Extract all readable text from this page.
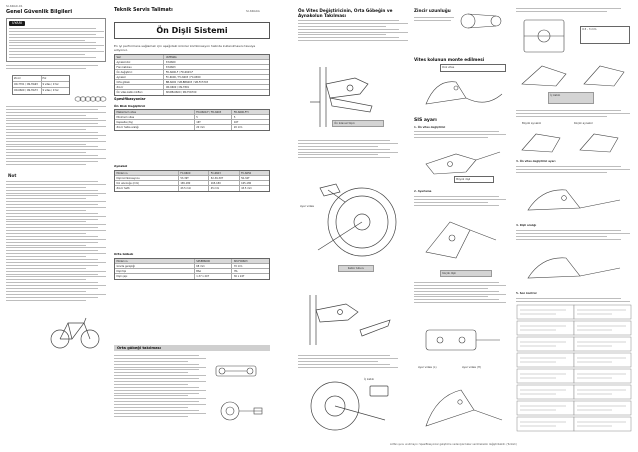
SI-6RA0-01
Genel Güvenlik Bilgileri
UYARI
Zincir	Hız
CN-7701 / CN-HG93	9 vites / 9 hız
CN-6600 / CN-HG73	9 vites / 9 hız
Not
Teknik Servis Talimatı	SI-6RA0A
Ön Dişli Sistemi
En iyi performans sağlamak için aşağıdaki ürünler kombinasyon halinde kullanılmasını tavsiye ediyoruz.
Seri	ULTEGRA
Aynakol-Kol	ST-6600
Fren kablosu	ST-6603
Ön değiştirici	FD-6600-F / FD-6603-F
Aynakol	FC-6600 / FC-6603 / FC-6650
Orta göbek	BB-6600 / SM-BB6603 / SM-FC5703
Zincir	CN-6600 / CN-7801
Ön vites kablo kılıfları	SM-BB-6600 / SM-FC6700
Spesifikasyonlar
Ön Disk Değiştirici
Maksimum vites	FD-6600-F / FD-6603	FD-6600-FTI
Minimum vites	5	5
Kapasite (diş)	16T	16T
Zincir halka aralığı	20 mm	20 mm
Aynakol
Model no.	FC-6600	FC-6603	FC-6650
Dişli kombinasyonu	53-39T	52-39-30T	50-34T
Kol uzunluğu (mm)	165-180	165-180	165-180
Zincir hattı	43.5 mm	45 mm	43.5 mm
Orta Göbek
Model no.	SM-BB6600	SM-FC6603
Gövde genişliği	68 mm	70 mm
Dişli tipi	BSA	ITA
Dişli çapı	1.37 x 24T	36 x 24T
Orta göbeği takılması
Ön Vites Değiştiricinin, Orta Göbeğin ve Aynakolun Takılması
Ön kılavuz tüpü
Ayar vidası
Kablo tutucu
İç kablo
Zincir uzunluğu
Vites kolunun monte edilmesi
Düz vites
SIS ayarı
1. Ön vites değiştirici
Büyük dişli
2. Ayarlama
Küçük dişli
Ayar vidası (L)	Ayar vidası (H)
0.5 - 3 mm
İç kablo
Büyük aynakol	Küçük aynakol
3. Ön vites değiştirici ayarı
4. Dişli aralığı
5. Son kontrol
Lütfen şunu unutmayın: Spesifikasyonlar geliştirme nedeniyle haber verilmeksizin değiştirilebilir. (Turkish)
